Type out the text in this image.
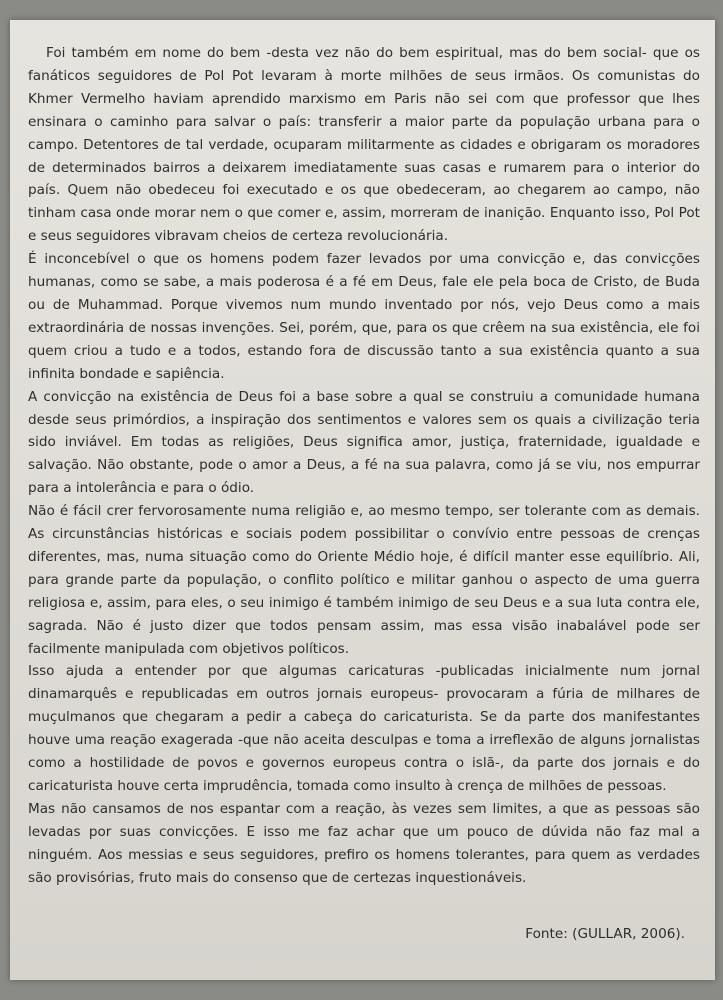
Foi também em nome do bem -desta vez não do bem espiritual, mas do bem social- que os fanáticos seguidores de Pol Pot levaram à morte milhões de seus irmãos. Os comunistas do Khmer Vermelho haviam aprendido marxismo em Paris não sei com que professor que lhes ensinara o caminho para salvar o país: transferir a maior parte da população urbana para o campo. Detentores de tal verdade, ocuparam militarmente as cidades e obrigaram os moradores de determinados bairros a deixarem imediatamente suas casas e rumarem para o interior do país. Quem não obedeceu foi executado e os que obedeceram, ao chegarem ao campo, não tinham casa onde morar nem o que comer e, assim, morreram de inanição. Enquanto isso, Pol Pot e seus seguidores vibravam cheios de certeza revolucionária.

É inconcebível o que os homens podem fazer levados por uma convicção e, das convicções humanas, como se sabe, a mais poderosa é a fé em Deus, fale ele pela boca de Cristo, de Buda ou de Muhammad. Porque vivemos num mundo inventado por nós, vejo Deus como a mais extraordinária de nossas invenções. Sei, porém, que, para os que crêem na sua existência, ele foi quem criou a tudo e a todos, estando fora de discussão tanto a sua existência quanto a sua infinita bondade e sapiência.

A convicção na existência de Deus foi a base sobre a qual se construiu a comunidade humana desde seus primórdios, a inspiração dos sentimentos e valores sem os quais a civilização teria sido inviável. Em todas as religiões, Deus significa amor, justiça, fraternidade, igualdade e salvação. Não obstante, pode o amor a Deus, a fé na sua palavra, como já se viu, nos empurrar para a intolerância e para o ódio.

Não é fácil crer fervorosamente numa religião e, ao mesmo tempo, ser tolerante com as demais. As circunstâncias históricas e sociais podem possibilitar o convívio entre pessoas de crenças diferentes, mas, numa situação como do Oriente Médio hoje, é difícil manter esse equilíbrio. Ali, para grande parte da população, o conflito político e militar ganhou o aspecto de uma guerra religiosa e, assim, para eles, o seu inimigo é também inimigo de seu Deus e a sua luta contra ele, sagrada. Não é justo dizer que todos pensam assim, mas essa visão inabalável pode ser facilmente manipulada com objetivos políticos.

Isso ajuda a entender por que algumas caricaturas -publicadas inicialmente num jornal dinamarquês e republicadas em outros jornais europeus- provocaram a fúria de milhares de muçulmanos que chegaram a pedir a cabeça do caricaturista. Se da parte dos manifestantes houve uma reação exagerada -que não aceita desculpas e toma a irreflexão de alguns jornalistas como a hostilidade de povos e governos europeus contra o islã-, da parte dos jornais e do caricaturista houve certa imprudência, tomada como insulto à crença de milhões de pessoas.

Mas não cansamos de nos espantar com a reação, às vezes sem limites, a que as pessoas são levadas por suas convicções. E isso me faz achar que um pouco de dúvida não faz mal a ninguém. Aos messias e seus seguidores, prefiro os homens tolerantes, para quem as verdades são provisórias, fruto mais do consenso que de certezas inquestionáveis.

Fonte: (GULLAR, 2006).
